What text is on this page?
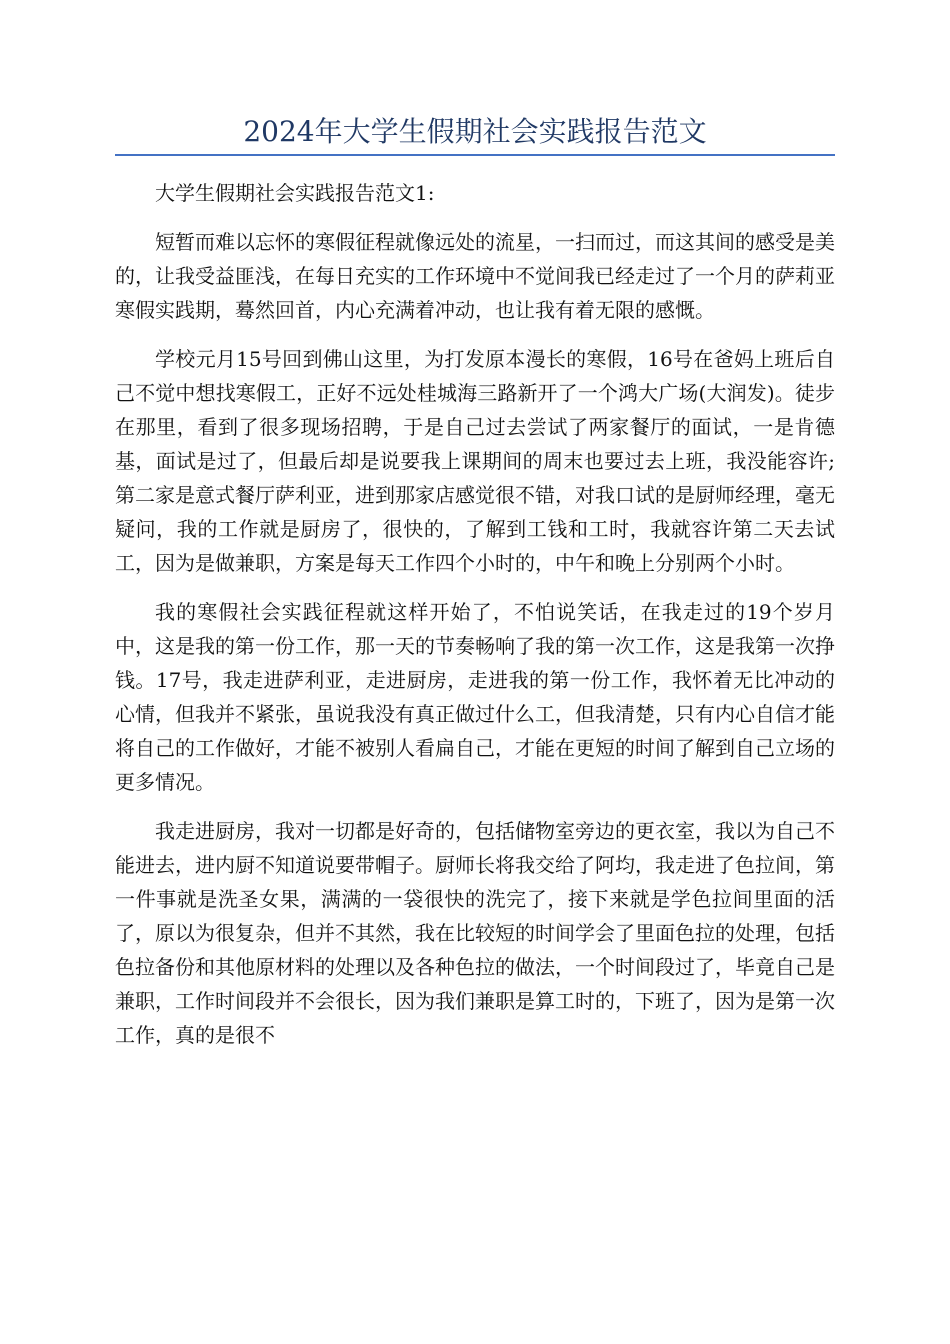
2024年大学生假期社会实践报告范文

大学生假期社会实践报告范文1:

短暂而难以忘怀的寒假征程就像远处的流星，一扫而过，而这其间的感受是美的，让我受益匪浅，在每日充实的工作环境中不觉间我已经走过了一个月的萨莉亚寒假实践期，蓦然回首，内心充满着冲动，也让我有着无限的感慨。

学校元月15号回到佛山这里，为打发原本漫长的寒假，16号在爸妈上班后自己不觉中想找寒假工，正好不远处桂城海三路新开了一个鸿大广场(大润发)。徒步在那里，看到了很多现场招聘，于是自己过去尝试了两家餐厅的面试，一是肯德基，面试是过了，但最后却是说要我上课期间的周末也要过去上班，我没能容许;第二家是意式餐厅萨利亚，进到那家店感觉很不错，对我口试的是厨师经理，毫无疑问，我的工作就是厨房了，很快的，了解到工钱和工时，我就容许第二天去试工，因为是做兼职，方案是每天工作四个小时的，中午和晚上分别两个小时。

我的寒假社会实践征程就这样开始了，不怕说笑话，在我走过的19个岁月中，这是我的第一份工作，那一天的节奏畅响了我的第一次工作，这是我第一次挣钱。17号，我走进萨利亚，走进厨房，走进我的第一份工作，我怀着无比冲动的心情，但我并不紧张，虽说我没有真正做过什么工，但我清楚，只有内心自信才能将自己的工作做好，才能不被别人看扁自己，才能在更短的时间了解到自己立场的更多情况。

我走进厨房，我对一切都是好奇的，包括储物室旁边的更衣室，我以为自己不能进去，进内厨不知道说要带帽子。厨师长将我交给了阿均，我走进了色拉间，第一件事就是洗圣女果，满满的一袋很快的洗完了，接下来就是学色拉间里面的活了，原以为很复杂，但并不其然，我在比较短的时间学会了里面色拉的处理，包括色拉备份和其他原材料的处理以及各种色拉的做法，一个时间段过了，毕竟自己是兼职，工作时间段并不会很长，因为我们兼职是算工时的，下班了，因为是第一次工作，真的是很不
